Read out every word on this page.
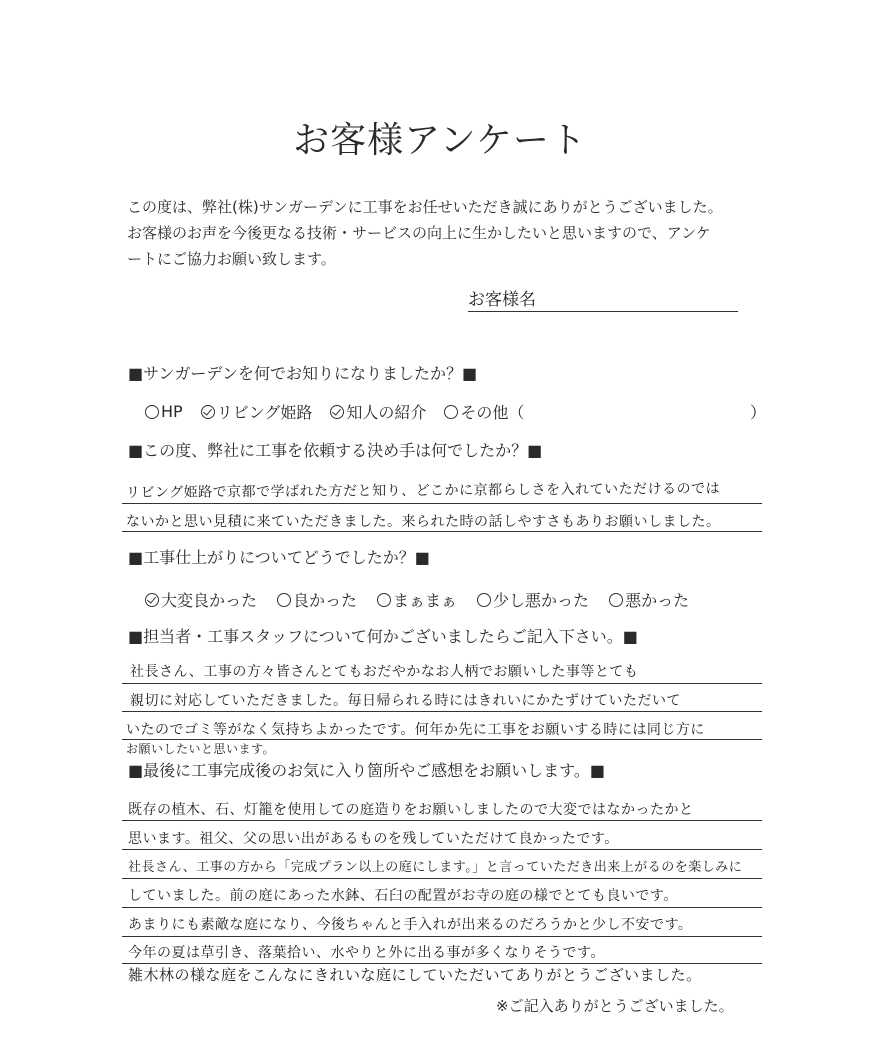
お客様アンケート
この度は、弊社(株)サンガーデンに工事をお任せいただき誠にありがとうございました。
お客様のお声を今後更なる技術・サービスの向上に生かしたいと思いますので、アンケ
ートにご協力お願い致します。
お客様名
■サンガーデンを何でお知りになりましたか？■
HP リビング姫路 知人の紹介 その他（	）
■この度、弊社に工事を依頼する決め手は何でしたか？■
リビング姫路で京都で学ばれた方だと知り、どこかに京都らしさを入れていただけるのでは
ないかと思い見積に来ていただきました。来られた時の話しやすさもありお願いしました。
■工事仕上がりについてどうでしたか？■
大変良かった 良かった まぁまぁ 少し悪かった 悪かった
■担当者・工事スタッフについて何かございましたらご記入下さい。■
社長さん、工事の方々皆さんとてもおだやかなお人柄でお願いした事等とても
親切に対応していただきました。毎日帰られる時にはきれいにかたずけていただいて
いたのでゴミ等がなく気持ちよかったです。何年か先に工事をお願いする時には同じ方に
お願いしたいと思います。
■最後に工事完成後のお気に入り箇所やご感想をお願いします。■
既存の植木、石、灯籠を使用しての庭造りをお願いしましたので大変ではなかったかと
思います。祖父、父の思い出があるものを残していただけて良かったです。
社長さん、工事の方から「完成プラン以上の庭にします。」と言っていただき出来上がるのを楽しみに
していました。前の庭にあった水鉢、石臼の配置がお寺の庭の様でとても良いです。
あまりにも素敵な庭になり、今後ちゃんと手入れが出来るのだろうかと少し不安です。
今年の夏は草引き、落葉拾い、水やりと外に出る事が多くなりそうです。
雑木林の様な庭をこんなにきれいな庭にしていただいてありがとうございました。
※ご記入ありがとうございました。
